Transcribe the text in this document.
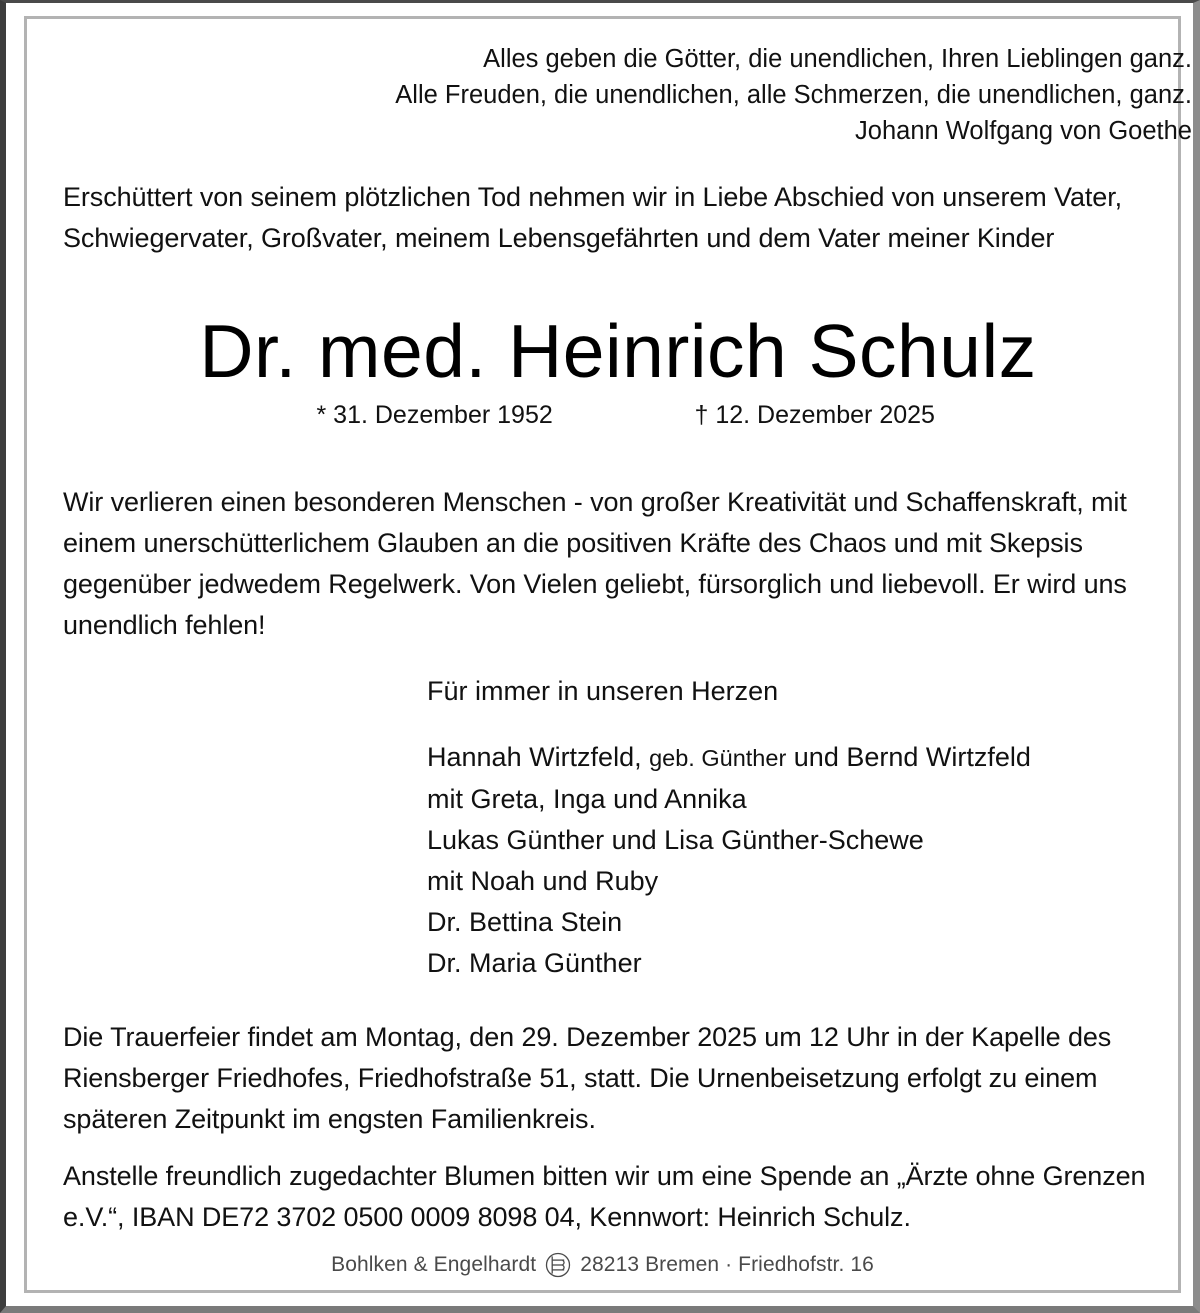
Alles geben die Götter, die unendlichen, Ihren Lieblingen ganz.
Alle Freuden, die unendlichen, alle Schmerzen, die unendlichen, ganz.
Johann Wolfgang von Goethe
Erschüttert von seinem plötzlichen Tod nehmen wir in Liebe Abschied von unserem Vater, Schwiegervater, Großvater, meinem Lebensgefährten und dem Vater meiner Kinder
Dr. med. Heinrich Schulz
* 31. Dezember 1952	† 12. Dezember 2025
Wir verlieren einen besonderen Menschen - von großer Kreativität und Schaffenskraft, mit einem unerschütterlichem Glauben an die positiven Kräfte des Chaos und mit Skepsis gegenüber jedwedem Regelwerk. Von Vielen geliebt, fürsorglich und liebevoll. Er wird uns unendlich fehlen!
Für immer in unseren Herzen
Hannah Wirtzfeld, geb. Günther und Bernd Wirtzfeld
mit Greta, Inga und Annika
Lukas Günther und Lisa Günther-Schewe
mit Noah und Ruby
Dr. Bettina Stein
Dr. Maria Günther
Die Trauerfeier findet am Montag, den 29. Dezember 2025 um 12 Uhr in der Kapelle des Riensberger Friedhofes, Friedhofstraße 51, statt. Die Urnenbeisetzung erfolgt zu einem späteren Zeitpunkt im engsten Familienkreis.
Anstelle freundlich zugedachter Blumen bitten wir um eine Spende an „Ärzte ohne Grenzen e.V.“, IBAN DE72 3702 0500 0009 8098 04, Kennwort: Heinrich Schulz.
Bohlken & Engelhardt 28213 Bremen · Friedhofstr. 16
